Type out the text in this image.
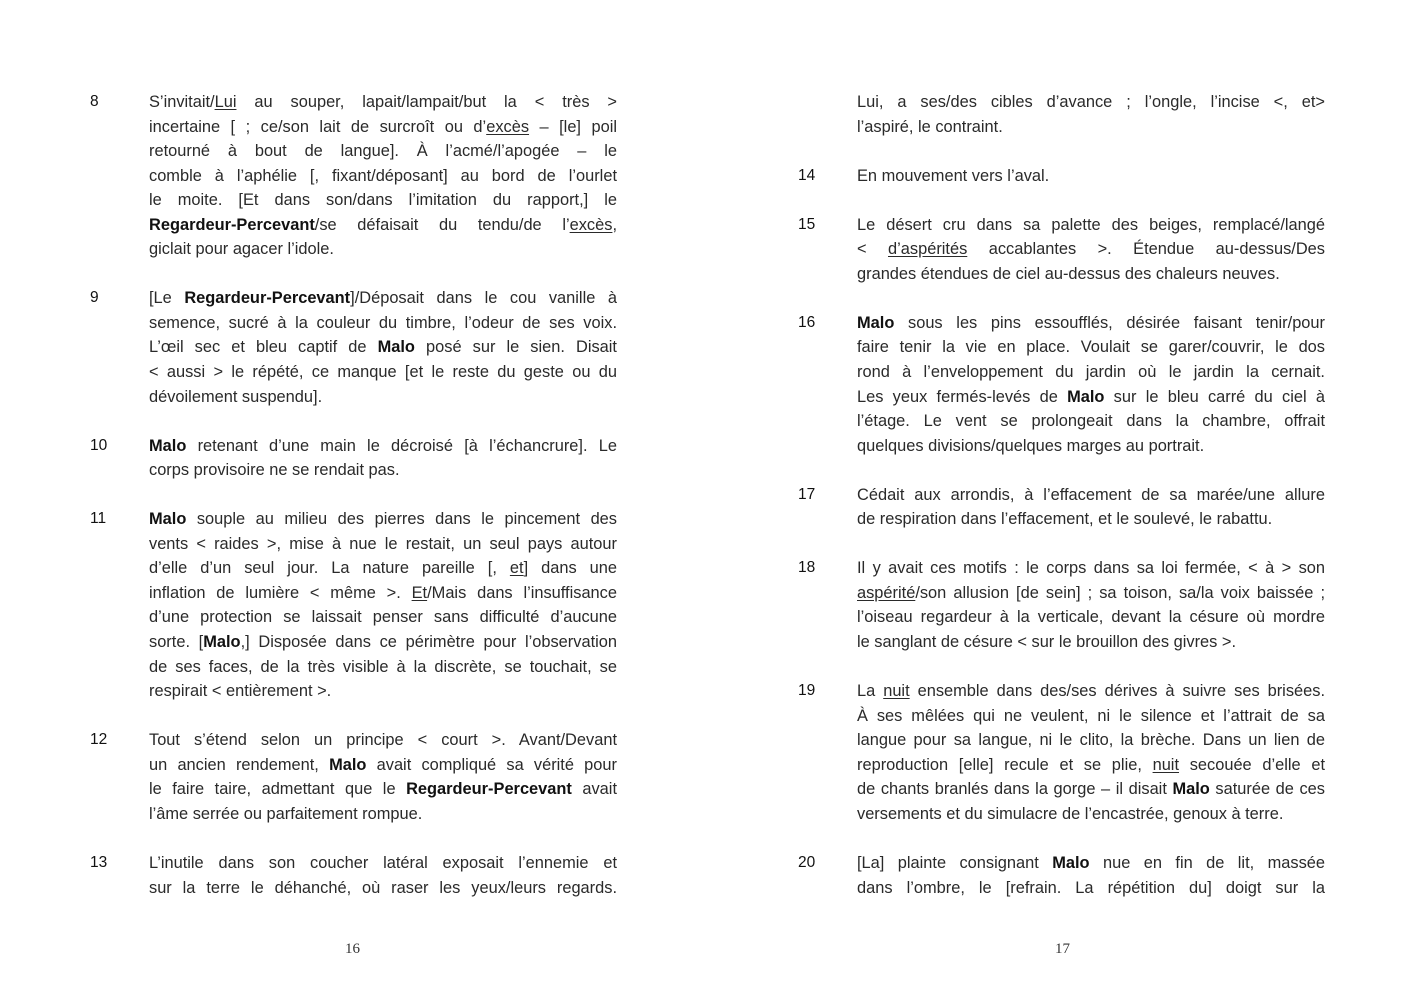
8	S’invitait/Lui au souper, lapait/lampait/but la < très >
incertaine [ ; ce/son lait de surcroît ou d’excès – [le] poil
retourné à bout de langue]. À l’acmé/l’apogée – le
comble à l’aphélie [, fixant/déposant] au bord de l’ourlet
le moite. [Et dans son/dans l’imitation du rapport,] le
Regardeur-Percevant/se défaisait du tendu/de l’excès,
giclait pour agacer l’idole.
9	[Le Regardeur-Percevant]/Déposait dans le cou vanille à
semence, sucré à la couleur du timbre, l’odeur de ses voix.
L’œil sec et bleu captif de Malo posé sur le sien. Disait
< aussi > le répété, ce manque [et le reste du geste ou du
dévoilement suspendu].
10	Malo retenant d’une main le décroisé [à l’échancrure]. Le
corps provisoire ne se rendait pas.
11	Malo souple au milieu des pierres dans le pincement des
vents < raides >, mise à nue le restait, un seul pays autour
d’elle d’un seul jour. La nature pareille [, et] dans une
inflation de lumière < même >. Et/Mais dans l’insuffisance
d’une protection se laissait penser sans difficulté d’aucune
sorte. [Malo,] Disposée dans ce périmètre pour l’observation
de ses faces, de la très visible à la discrète, se touchait, se
respirait < entièrement >.
12	Tout s’étend selon un principe < court >. Avant/Devant
un ancien rendement, Malo avait compliqué sa vérité pour
le faire taire, admettant que le Regardeur-Percevant avait
l’âme serrée ou parfaitement rompue.
13	L’inutile dans son coucher latéral exposait l’ennemie et
sur la terre le déhanché, où raser les yeux/leurs regards.
16
Lui, a ses/des cibles d’avance ; l’ongle, l’incise <, et>
l’aspiré, le contraint.
14	En mouvement vers l’aval.
15	Le désert cru dans sa palette des beiges, remplacé/langé
< d’aspérités accablantes >. Étendue au-dessus/Des
grandes étendues de ciel au-dessus des chaleurs neuves.
16	Malo sous les pins essoufflés, désirée faisant tenir/pour
faire tenir la vie en place. Voulait se garer/couvrir, le dos
rond à l’enveloppement du jardin où le jardin la cernait.
Les yeux fermés-levés de Malo sur le bleu carré du ciel à
l’étage. Le vent se prolongeait dans la chambre, offrait
quelques divisions/quelques marges au portrait.
17	Cédait aux arrondis, à l’effacement de sa marée/une allure
de respiration dans l’effacement, et le soulevé, le rabattu.
18	Il y avait ces motifs : le corps dans sa loi fermée, < à > son
aspérité/son allusion [de sein] ; sa toison, sa/la voix baissée ;
l’oiseau regardeur à la verticale, devant la césure où mordre
le sanglant de césure < sur le brouillon des givres >.
19	La nuit ensemble dans des/ses dérives à suivre ses brisées.
À ses mêlées qui ne veulent, ni le silence et l’attrait de sa
langue pour sa langue, ni le clito, la brèche. Dans un lien de
reproduction [elle] recule et se plie, nuit secouée d’elle et
de chants branlés dans la gorge – il disait Malo saturée de ces
versements et du simulacre de l’encastrée, genoux à terre.
20	[La] plainte consignant Malo nue en fin de lit, massée
dans l’ombre, le [refrain. La répétition du] doigt sur la
17
